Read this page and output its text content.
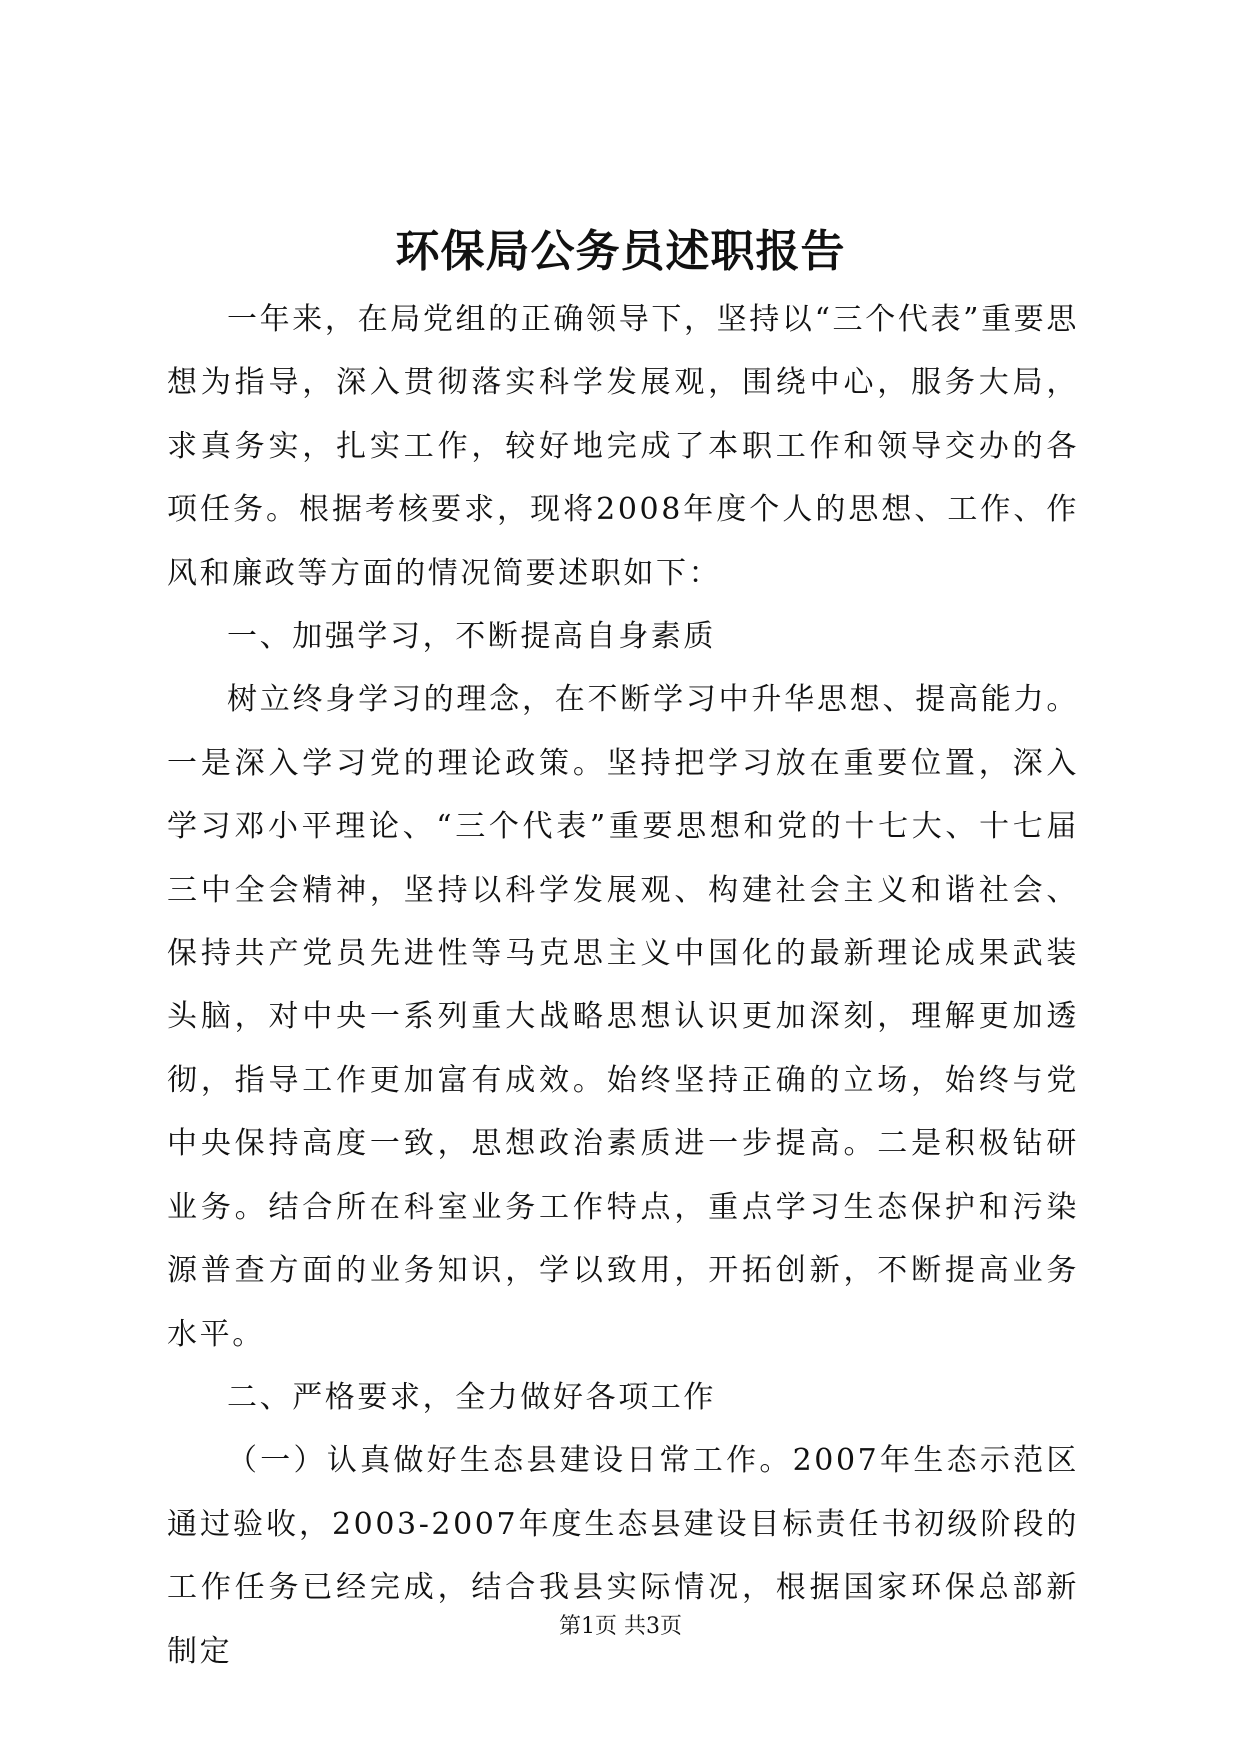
环保局公务员述职报告

一年来，在局党组的正确领导下，坚持以“三个代表”重要思想为指导，深入贯彻落实科学发展观，围绕中心，服务大局，求真务实，扎实工作，较好地完成了本职工作和领导交办的各项任务。根据考核要求，现将2008年度个人的思想、工作、作风和廉政等方面的情况简要述职如下：

一、加强学习，不断提高自身素质

树立终身学习的理念，在不断学习中升华思想、提高能力。一是深入学习党的理论政策。坚持把学习放在重要位置，深入学习邓小平理论、“三个代表”重要思想和党的十七大、十七届三中全会精神，坚持以科学发展观、构建社会主义和谐社会、保持共产党员先进性等马克思主义中国化的最新理论成果武装头脑，对中央一系列重大战略思想认识更加深刻，理解更加透彻，指导工作更加富有成效。始终坚持正确的立场，始终与党中央保持高度一致，思想政治素质进一步提高。二是积极钻研业务。结合所在科室业务工作特点，重点学习生态保护和污染源普查方面的业务知识，学以致用，开拓创新，不断提高业务水平。

二、严格要求，全力做好各项工作

（一）认真做好生态县建设日常工作。2007年生态示范区通过验收，2003-2007年度生态县建设目标责任书初级阶段的工作任务已经完成，结合我县实际情况，根据国家环保总部新制定

第1页 共3页
